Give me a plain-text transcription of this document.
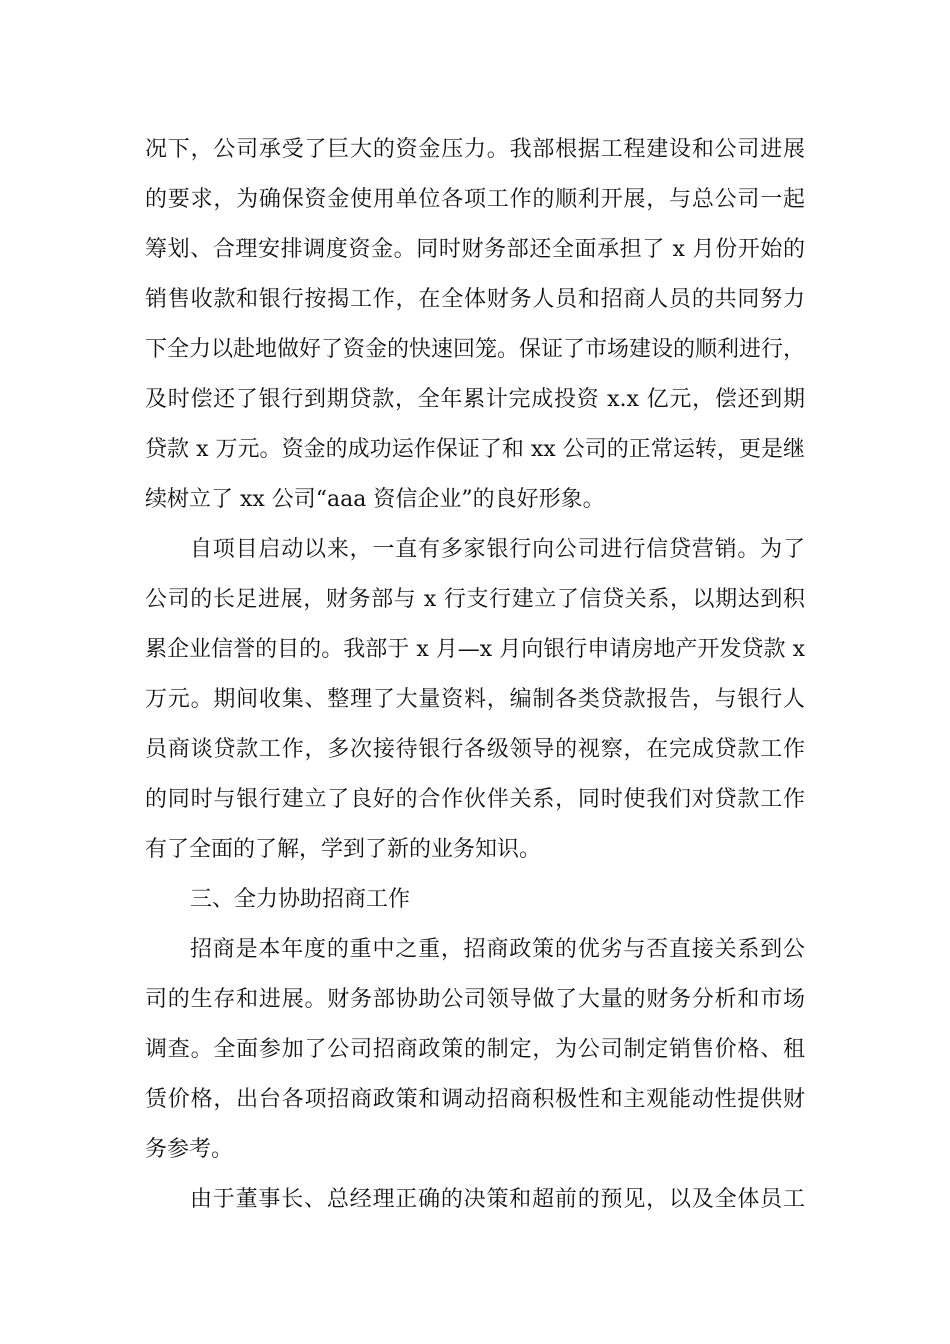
况下，公司承受了巨大的资金压力。我部根据工程建设和公司进展
的要求，为确保资金使用单位各项工作的顺利开展，与总公司一起
筹划、合理安排调度资金。同时财务部还全面承担了 x 月份开始的
销售收款和银行按揭工作，在全体财务人员和招商人员的共同努力
下全力以赴地做好了资金的快速回笼。保证了市场建设的顺利进行，
及时偿还了银行到期贷款，全年累计完成投资 x.x 亿元，偿还到期
贷款 x 万元。资金的成功运作保证了和 xx 公司的正常运转，更是继
续树立了 xx 公司“aaa 资信企业”的良好形象。
自项目启动以来，一直有多家银行向公司进行信贷营销。为了
公司的长足进展，财务部与 x 行支行建立了信贷关系，以期达到积
累企业信誉的目的。我部于 x 月—x 月向银行申请房地产开发贷款 x
万元。期间收集、整理了大量资料，编制各类贷款报告，与银行人
员商谈贷款工作，多次接待银行各级领导的视察，在完成贷款工作
的同时与银行建立了良好的合作伙伴关系，同时使我们对贷款工作
有了全面的了解，学到了新的业务知识。
三、全力协助招商工作
招商是本年度的重中之重，招商政策的优劣与否直接关系到公
司的生存和进展。财务部协助公司领导做了大量的财务分析和市场
调查。全面参加了公司招商政策的制定，为公司制定销售价格、租
赁价格，出台各项招商政策和调动招商积极性和主观能动性提供财
务参考。
由于董事长、总经理正确的决策和超前的预见，以及全体员工
